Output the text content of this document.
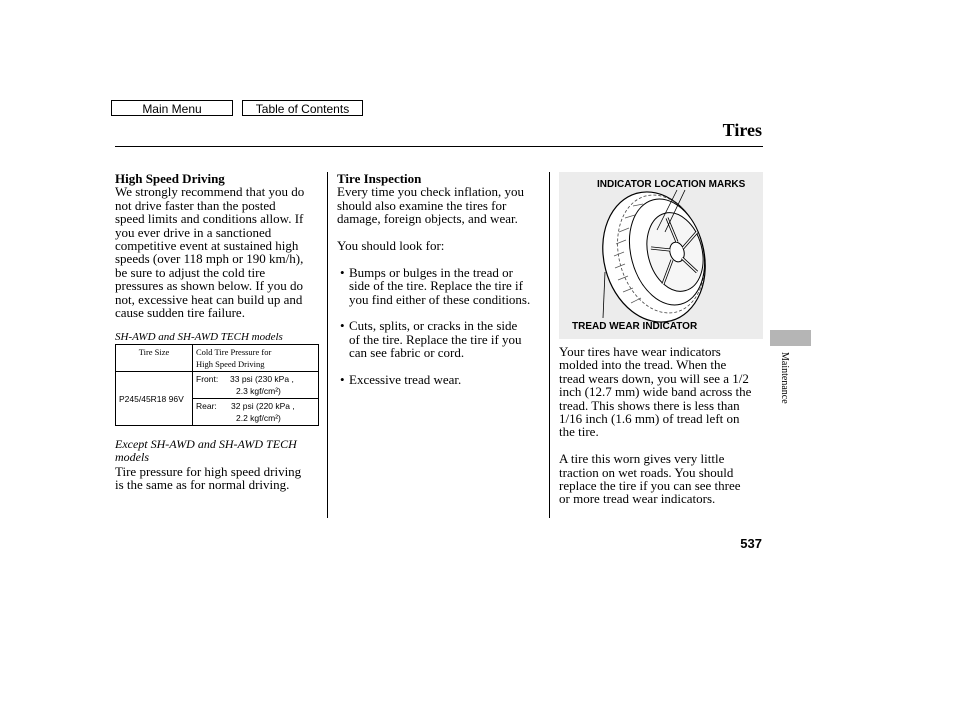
Main Menu	Table of Contents
Tires

High Speed Driving

We strongly recommend that you do

not drive faster than the posted

speed limits and conditions allow. If

you ever drive in a sanctioned

competitive event at sustained high

speeds (over 118 mph or 190 km/h),

be sure to adjust the cold tire

pressures as shown below. If you do

not, excessive heat can build up and

cause sudden tire failure.

SH-AWD and SH-AWD TECH models
Tire Size	Cold Tire Pressure for
High Speed Driving

P245/45R18 96V	Front: 33 psi (230 kPa ,
2.3 kgf/cm²)

	Rear: 32 psi (220 kPa ,
2.2 kgf/cm²)

Except SH-AWD and SH-AWD TECH

models

Tire pressure for high speed driving

is the same as for normal driving.

Tire Inspection

Every time you check inflation, you

should also examine the tires for

damage, foreign objects, and wear.

You should look for:

• Bumps or bulges in the tread or

side of the tire. Replace the tire if

you find either of these conditions.

• Cuts, splits, or cracks in the side

of the tire. Replace the tire if you

can see fabric or cord.

• Excessive tread wear.

INDICATOR LOCATION MARKS
TREAD WEAR INDICATOR

Your tires have wear indicators

molded into the tread. When the

tread wears down, you will see a 1/2

inch (12.7 mm) wide band across the

tread. This shows there is less than

1/16 inch (1.6 mm) of tread left on

the tire.

A tire this worn gives very little

traction on wet roads. You should

replace the tire if you can see three

or more tread wear indicators.

Maintenance
537
